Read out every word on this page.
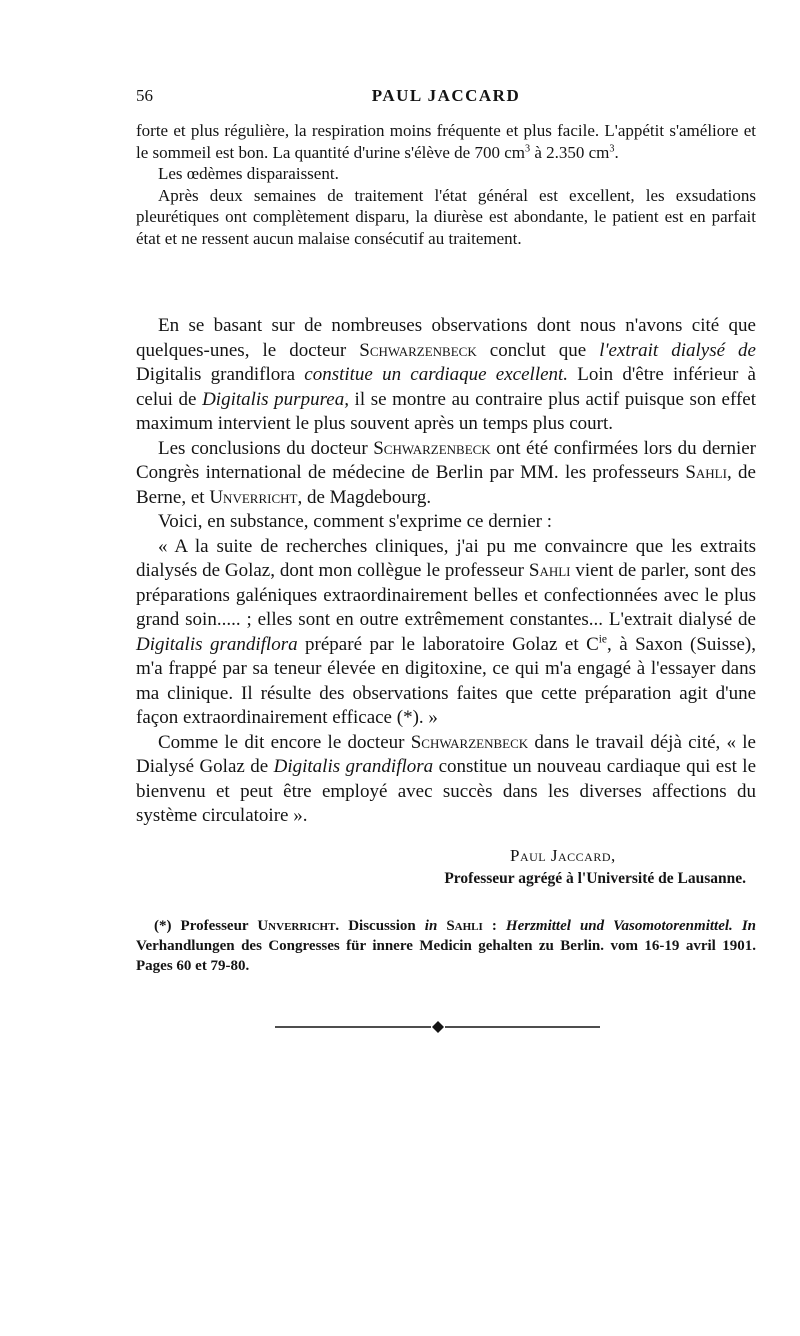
56	PAUL JACCARD

forte et plus régulière, la respiration moins fréquente et plus facile. L'appétit s'améliore et le sommeil est bon. La quantité d'urine s'élève de 700 $cm^3$ à 2.350 $cm^3$.

Les œdèmes disparaissent.

Après deux semaines de traitement l'état général est excellent, les exsudations pleurétiques ont complètement disparu, la diurèse est abondante, le patient est en parfait état et ne ressent aucun malaise consécutif au traitement.

En se basant sur de nombreuses observations dont nous n'avons cité que quelques-unes, le docteur Schwarzenbeck conclut que l'extrait dialysé de Digitalis grandiflora constitue un cardiaque excellent. Loin d'être inférieur à celui de Digitalis purpurea, il se montre au contraire plus actif puisque son effet maximum intervient le plus souvent après un temps plus court.

Les conclusions du docteur Schwarzenbeck ont été confirmées lors du dernier Congrès international de médecine de Berlin par MM. les professeurs Sahli, de Berne, et Unverricht, de Magdebourg.

Voici, en substance, comment s'exprime ce dernier :

« A la suite de recherches cliniques, j'ai pu me convaincre que les extraits dialysés de Golaz, dont mon collègue le professeur Sahli vient de parler, sont des préparations galéniques extraordinairement belles et confectionnées avec le plus grand soin..... ; elles sont en outre extrêmement constantes... L'extrait dialysé de Digitalis grandiflora préparé par le laboratoire Golaz et $C^{ie}$, à Saxon (Suisse), m'a frappé par sa teneur élevée en digitoxine, ce qui m'a engagé à l'essayer dans ma clinique. Il résulte des observations faites que cette préparation agit d'une façon extraordinairement efficace (*). »

Comme le dit encore le docteur Schwarzenbeck dans le travail déjà cité, « le Dialysé Golaz de Digitalis grandiflora constitue un nouveau cardiaque qui est le bienvenu et peut être employé avec succès dans les diverses affections du système circulatoire ».

Paul Jaccard,
Professeur agrégé à l'Université de Lausanne.

(*) Professeur Unverricht. Discussion in Sahli : Herzmittel und Vasomotorenmittel. In Verhandlungen des Congresses für innere Medicin gehalten zu Berlin. vom 16-19 avril 1901. Pages 60 et 79-80.
